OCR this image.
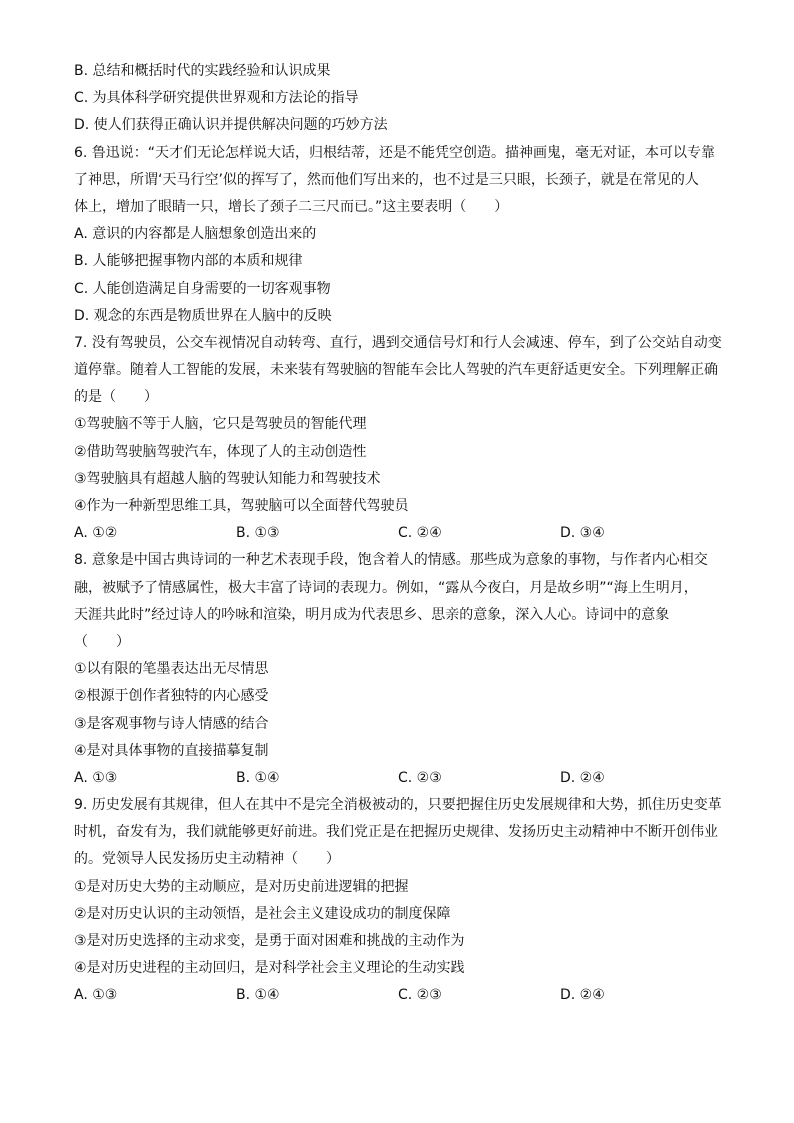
B. 总结和概括时代的实践经验和认识成果
C. 为具体科学研究提供世界观和方法论的指导
D. 使人们获得正确认识并提供解决问题的巧妙方法
6. 鲁迅说：“天才们无论怎样说大话，归根结蒂，还是不能凭空创造。描神画鬼，毫无对证，本可以专靠
了神思，所谓‘天马行空’似的挥写了，然而他们写出来的，也不过是三只眼，长颈子，就是在常见的人
体上，增加了眼睛一只，增长了颈子二三尺而已。”这主要表明（　　）
A. 意识的内容都是人脑想象创造出来的
B. 人能够把握事物内部的本质和规律
C. 人能创造满足自身需要的一切客观事物
D. 观念的东西是物质世界在人脑中的反映
7. 没有驾驶员，公交车视情况自动转弯、直行，遇到交通信号灯和行人会减速、停车，到了公交站自动变
道停靠。随着人工智能的发展，未来装有驾驶脑的智能车会比人驾驶的汽车更舒适更安全。下列理解正确
的是（　　）
①驾驶脑不等于人脑，它只是驾驶员的智能代理
②借助驾驶脑驾驶汽车，体现了人的主动创造性
③驾驶脑具有超越人脑的驾驶认知能力和驾驶技术
④作为一种新型思维工具，驾驶脑可以全面替代驾驶员
A. ①②	B. ①③	C. ②④	D. ③④
8. 意象是中国古典诗词的一种艺术表现手段，饱含着人的情感。那些成为意象的事物，与作者内心相交
融，被赋予了情感属性，极大丰富了诗词的表现力。例如，“露从今夜白，月是故乡明”“海上生明月，
天涯共此时”经过诗人的吟咏和渲染，明月成为代表思乡、思亲的意象，深入人心。诗词中的意象
（　　）
①以有限的笔墨表达出无尽情思
②根源于创作者独特的内心感受
③是客观事物与诗人情感的结合
④是对具体事物的直接描摹复制
A. ①③	B. ①④	C. ②③	D. ②④
9. 历史发展有其规律，但人在其中不是完全消极被动的，只要把握住历史发展规律和大势，抓住历史变革
时机，奋发有为，我们就能够更好前进。我们党正是在把握历史规律、发扬历史主动精神中不断开创伟业
的。党领导人民发扬历史主动精神（　　）
①是对历史大势的主动顺应，是对历史前进逻辑的把握
②是对历史认识的主动领悟，是社会主义建设成功的制度保障
③是对历史选择的主动求变，是勇于面对困难和挑战的主动作为
④是对历史进程的主动回归，是对科学社会主义理论的生动实践
A. ①③	B. ①④	C. ②③	D. ②④
